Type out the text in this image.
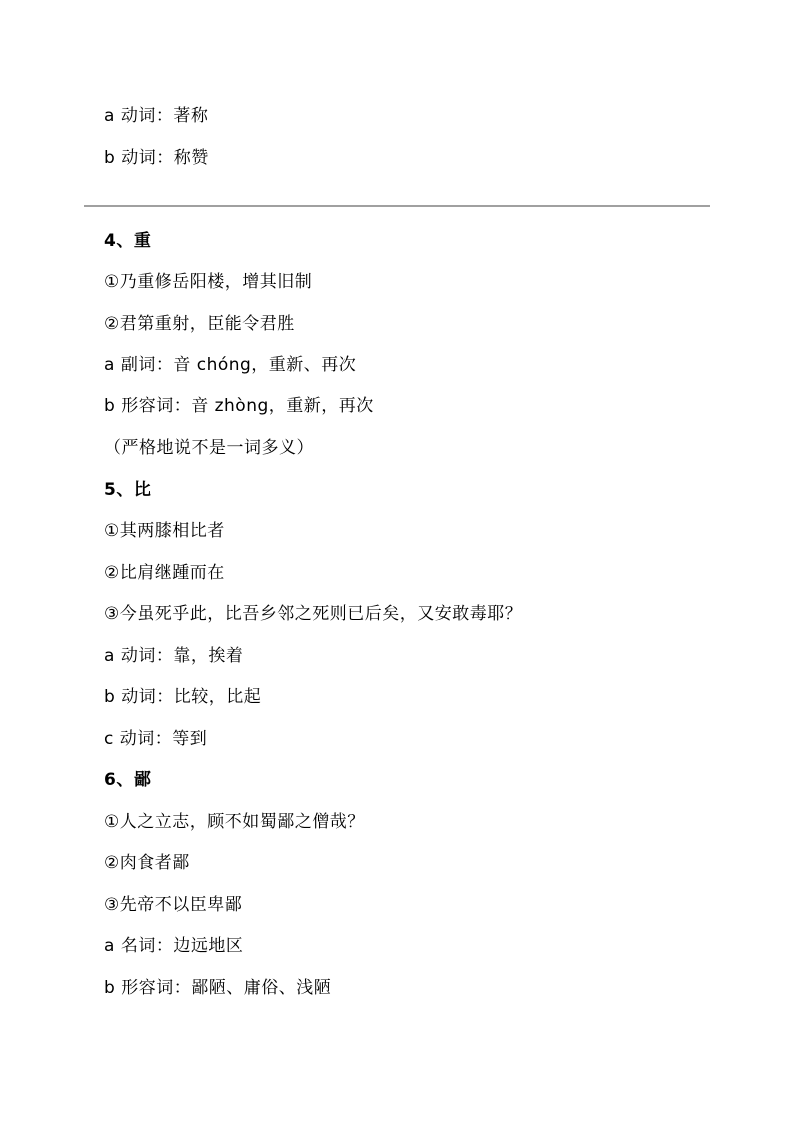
a 动词：著称
b 动词：称赞
4、重
①乃重修岳阳楼，增其旧制
②君第重射，臣能令君胜
a 副词：音 chóng，重新、再次
b 形容词：音 zhòng，重新，再次
（严格地说不是一词多义）
5、比
①其两膝相比者
②比肩继踵而在
③今虽死乎此，比吾乡邻之死则已后矣，又安敢毒耶？
a 动词：靠，挨着
b 动词：比较，比起
c 动词：等到
6、鄙
①人之立志，顾不如蜀鄙之僧哉？
②肉食者鄙
③先帝不以臣卑鄙
a 名词：边远地区
b 形容词：鄙陋、庸俗、浅陋
